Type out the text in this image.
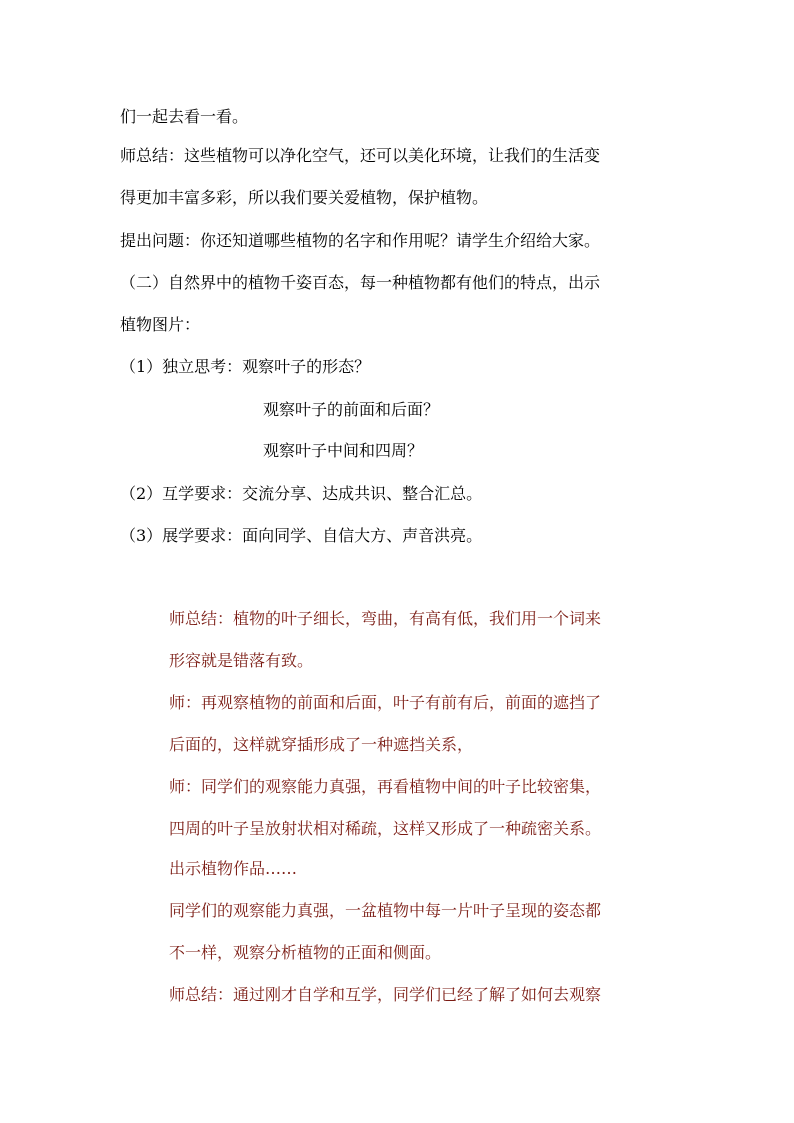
们一起去看一看。

师总结：这些植物可以净化空气，还可以美化环境，让我们的生活变

得更加丰富多彩，所以我们要关爱植物，保护植物。

提出问题：你还知道哪些植物的名字和作用呢？请学生介绍给大家。

（二）自然界中的植物千姿百态，每一种植物都有他们的特点，出示

植物图片：

（1）独立思考：观察叶子的形态？

观察叶子的前面和后面？

观察叶子中间和四周？

（2）互学要求：交流分享、达成共识、整合汇总。

（3）展学要求：面向同学、自信大方、声音洪亮。

师总结：植物的叶子细长，弯曲，有高有低，我们用一个词来

形容就是错落有致。

师：再观察植物的前面和后面，叶子有前有后，前面的遮挡了

后面的，这样就穿插形成了一种遮挡关系，

师：同学们的观察能力真强，再看植物中间的叶子比较密集，

四周的叶子呈放射状相对稀疏，这样又形成了一种疏密关系。

出示植物作品……

同学们的观察能力真强，一盆植物中每一片叶子呈现的姿态都

不一样，观察分析植物的正面和侧面。

师总结：通过刚才自学和互学，同学们已经了解了如何去观察
